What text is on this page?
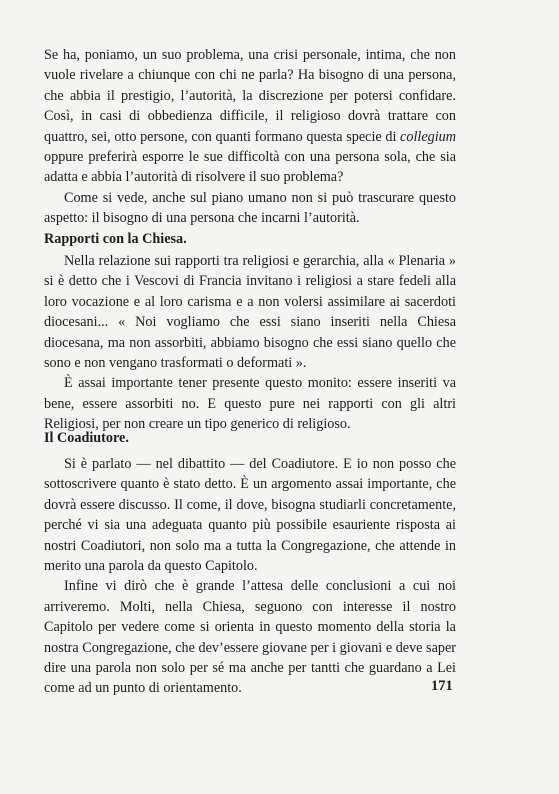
Se ha, poniamo, un suo problema, una crisi personale, intima, che non vuole rivelare a chiunque con chi ne parla? Ha bisogno di una persona, che abbia il prestigio, l’autorità, la discrezione per potersi confidare. Così, in casi di obbedienza difficile, il religioso dovrà trattare con quattro, sei, otto persone, con quanti formano questa specie di collegium oppure preferirà esporre le sue difficoltà con una persona sola, che sia adatta e abbia l’autorità di risolvere il suo problema?

Come si vede, anche sul piano umano non si può trascurare questo aspetto: il bisogno di una persona che incarni l’autorità.

Rapporti con la Chiesa.

Nella relazione sui rapporti tra religiosi e gerarchia, alla « Plenaria » si è detto che i Vescovi di Francia invitano i religiosi a stare fedeli alla loro vocazione e al loro carisma e a non volersi assimilare ai sacerdoti diocesani... « Noi vogliamo che essi siano inseriti nella Chiesa diocesana, ma non assorbiti, abbiamo bisogno che essi siano quello che sono e non vengano trasformati o deformati ».

È assai importante tener presente questo monito: essere inseriti va bene, essere assorbiti no. E questo pure nei rapporti con gli altri Religiosi, per non creare un tipo generico di religioso.

Il Coadiutore.

Si è parlato — nel dibattito — del Coadiutore. E io non posso che sottoscrivere quanto è stato detto. È un argomento assai importante, che dovrà essere discusso. Il come, il dove, bisogna studiarli concretamente, perché vi sia una adeguata quanto più possibile esauriente risposta ai nostri Coadiutori, non solo ma a tutta la Congregazione, che attende in merito una parola da questo Capitolo.

Infine vi dirò che è grande l’attesa delle conclusioni a cui noi arriveremo. Molti, nella Chiesa, seguono con interesse il nostro Capitolo per vedere come si orienta in questo momento della storia la nostra Congregazione, che dev’essere giovane per i giovani e deve saper dire una parola non solo per sé ma anche per tantti che guardano a Lei come ad un punto di orientamento.	171
